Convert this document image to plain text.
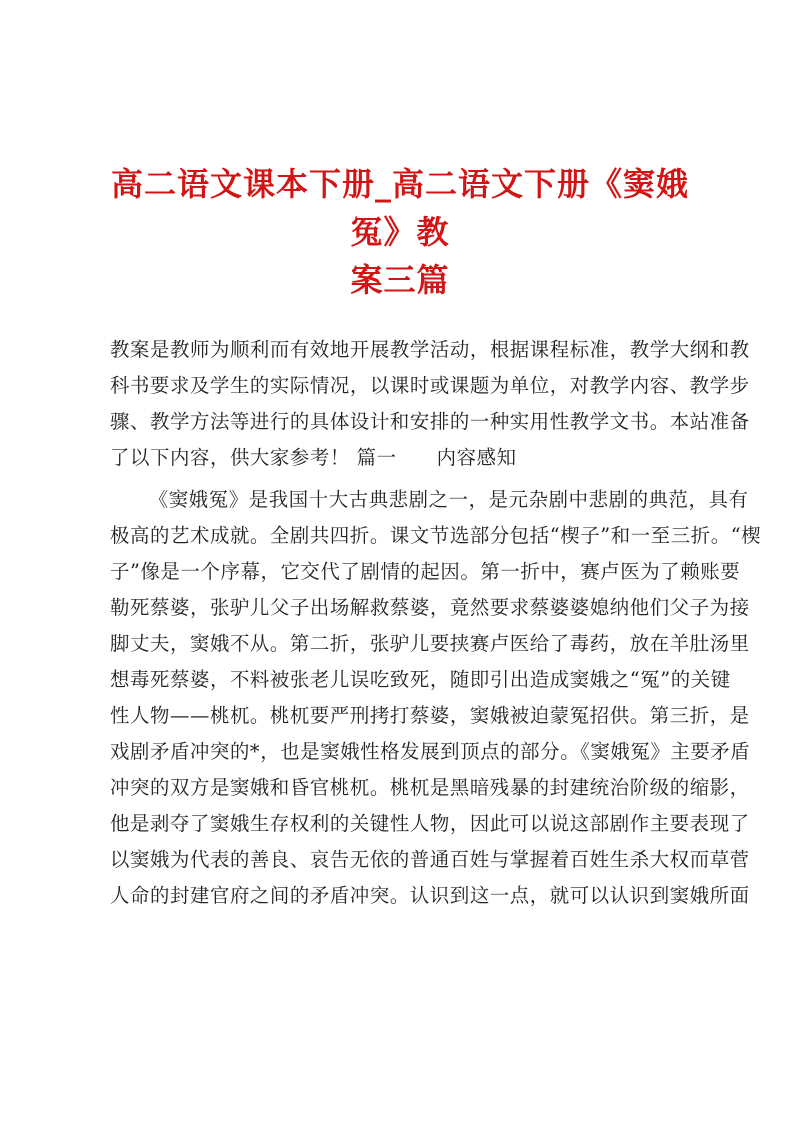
高二语文课本下册_高二语文下册《窦娥冤》教
案三篇

教案是教师为顺利而有效地开展教学活动，根据课程标准，教学大纲和教
科书要求及学生的实际情况，以课时或课题为单位，对教学内容、教学步
骤、教学方法等进行的具体设计和安排的一种实用性教学文书。本站准备
了以下内容，供大家参考！ 篇一 内容感知

《窦娥冤》是我国十大古典悲剧之一，是元杂剧中悲剧的典范，具有
极高的艺术成就。全剧共四折。课文节选部分包括“楔子”和一至三折。“楔
子”像是一个序幕，它交代了剧情的起因。第一折中，赛卢医为了赖账要
勒死蔡婆，张驴儿父子出场解救蔡婆，竟然要求蔡婆婆媳纳他们父子为接
脚丈夫，窦娥不从。第二折，张驴儿要挟赛卢医给了毒药，放在羊肚汤里
想毒死蔡婆，不料被张老儿误吃致死，随即引出造成窦娥之“冤”的关键
性人物——桃杌。桃杌要严刑拷打蔡婆，窦娥被迫蒙冤招供。第三折，是
戏剧矛盾冲突的*，也是窦娥性格发展到顶点的部分。《窦娥冤》主要矛盾
冲突的双方是窦娥和昏官桃杌。桃杌是黑暗残暴的封建统治阶级的缩影，
他是剥夺了窦娥生存权利的关键性人物，因此可以说这部剧作主要表现了
以窦娥为代表的善良、哀告无依的普通百姓与掌握着百姓生杀大权而草菅
人命的封建官府之间的矛盾冲突。认识到这一点，就可以认识到窦娥所面
